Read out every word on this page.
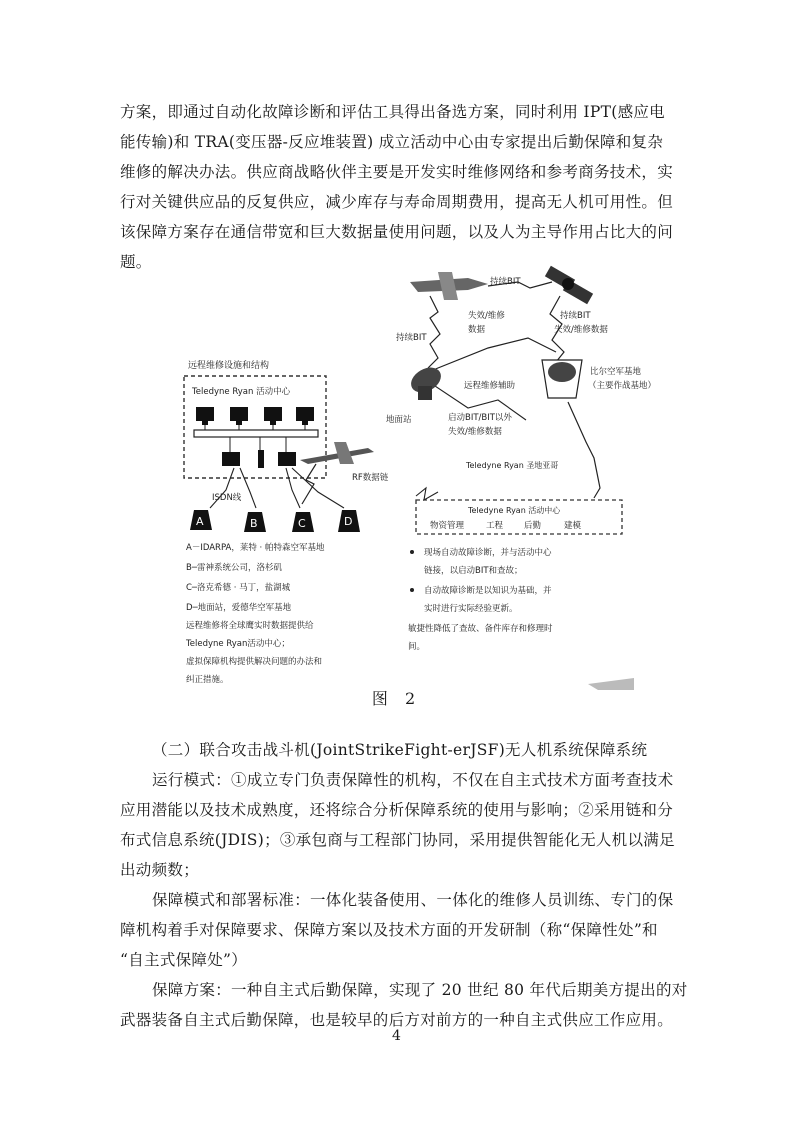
方案，即通过自动化故障诊断和评估工具得出备选方案，同时利用 IPT(感应电
能传输)和 TRA(变压器-反应堆装置) 成立活动中心由专家提出后勤保障和复杂
维修的解决办法。供应商战略伙伴主要是开发实时维修网络和参考商务技术，实
行对关键供应品的反复供应，减少库存与寿命周期费用，提高无人机可用性。但
该保障方案存在通信带宽和巨大数据量使用问题，以及人为主导作用占比大的问
题。
远程维修设施和结构
Teledyne Ryan 活动中心
RF数据链
ISDN线
A	B	C	D
A－IDARPA，莱特 · 帕特森空军基地
B─雷神系统公司，洛杉矶
C─洛克希德 · 马丁，盐湖城
D─地面站，爱德华空军基地
远程维修将全球鹰实时数据提供给
Teledyne Ryan活动中心；
虚拟保障机构提供解决问题的办法和
纠正措施。
持续BIT
失效/维修
数据
持续BIT
持续BIT
失效/维修数据
地面站
远程维修辅助
启动BIT/BIT以外
失效/维修数据
比尔空军基地
（主要作战基地）
Teledyne Ryan 圣地亚哥
Teledyne Ryan 活动中心
物资管理	工程 后勤	建模
现场自动故障诊断，并与活动中心
链接，以启动BIT和查故；
自动故障诊断是以知识为基础，并
实时进行实际经验更新。
敏捷性降低了查故、备件库存和修理时
间。
图 2
（二）联合攻击战斗机(JointStrikeFight-erJSF)无人机系统保障系统
运行模式：①成立专门负责保障性的机构，不仅在自主式技术方面考查技术
应用潜能以及技术成熟度，还将综合分析保障系统的使用与影响；②采用链和分
布式信息系统(JDIS)；③承包商与工程部门协同，采用提供智能化无人机以满足
出动频数；
保障模式和部署标准：一体化装备使用、一体化的维修人员训练、专门的保
障机构着手对保障要求、保障方案以及技术方面的开发研制（称“保障性处”和
“自主式保障处”）
保障方案：一种自主式后勤保障，实现了 20 世纪 80 年代后期美方提出的对
武器装备自主式后勤保障，也是较早的后方对前方的一种自主式供应工作应用。
4
